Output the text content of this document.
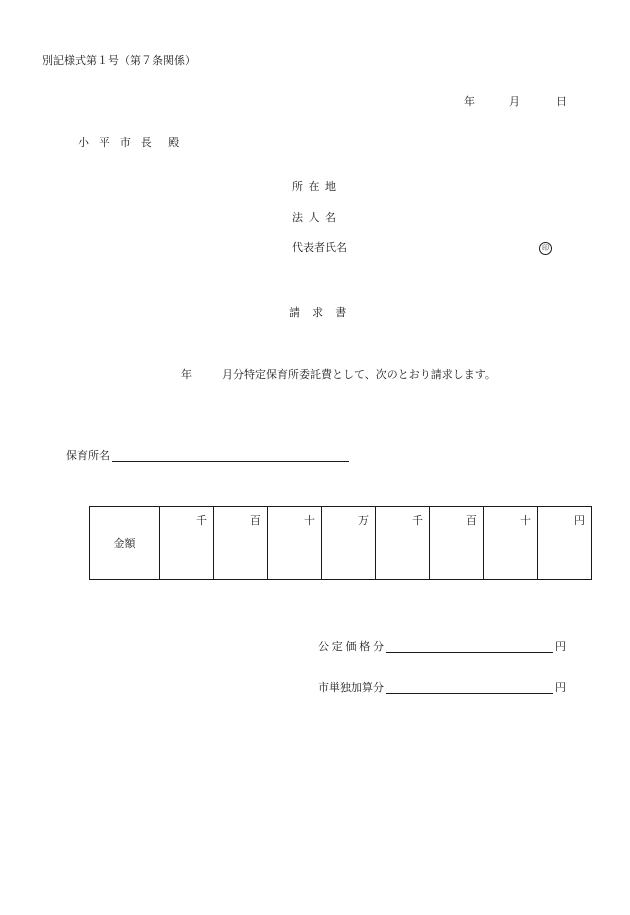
別記様式第１号（第７条関係）
年	月	日
小平市長 殿
所在地
法人名
代表者氏名	印
請求書
年	月分特定保育所委託費として、次のとおり請求します。
保育所名
金額	千	百	十	万	千	百	十	円
公定価格分	円
市単独加算分	円
